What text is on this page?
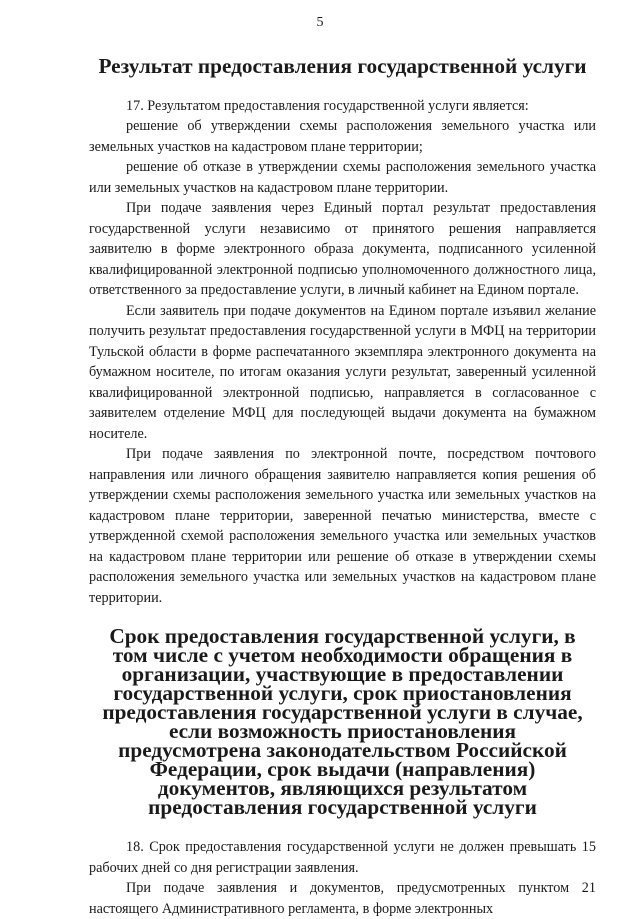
5
Результат предоставления государственной услуги

17. Результатом предоставления государственной услуги является:

решение об утверждении схемы расположения земельного участка или земельных участков на кадастровом плане территории;

решение об отказе в утверждении схемы расположения земельного участка или земельных участков на кадастровом плане территории.

При подаче заявления через Единый портал результат предоставления государственной услуги независимо от принятого решения направляется заявителю в форме электронного образа документа, подписанного усиленной квалифицированной электронной подписью уполномоченного должностного лица, ответственного за предоставление услуги, в личный кабинет на Едином портале.

Если заявитель при подаче документов на Едином портале изъявил желание получить результат предоставления государственной услуги в МФЦ на территории Тульской области в форме распечатанного экземпляра электронного документа на бумажном носителе, по итогам оказания услуги результат, заверенный усиленной квалифицированной электронной подписью, направляется в согласованное с заявителем отделение МФЦ для последующей выдачи документа на бумажном носителе.

При подаче заявления по электронной почте, посредством почтового направления или личного обращения заявителю направляется копия решения об утверждении схемы расположения земельного участка или земельных участков на кадастровом плане территории, заверенной печатью министерства, вместе с утвержденной схемой расположения земельного участка или земельных участков на кадастровом плане территории или решение об отказе в утверждении схемы расположения земельного участка или земельных участков на кадастровом плане территории.

Срок предоставления государственной услуги, в том числе с учетом необходимости обращения в организации, участвующие в предоставлении государственной услуги, срок приостановления предоставления государственной услуги в случае, если возможность приостановления предусмотрена законодательством Российской Федерации, срок выдачи (направления) документов, являющихся результатом предоставления государственной услуги

18. Срок предоставления государственной услуги не должен превышать 15 рабочих дней со дня регистрации заявления.

При подаче заявления и документов, предусмотренных пунктом 21 настоящего Административного регламента, в форме электронных
